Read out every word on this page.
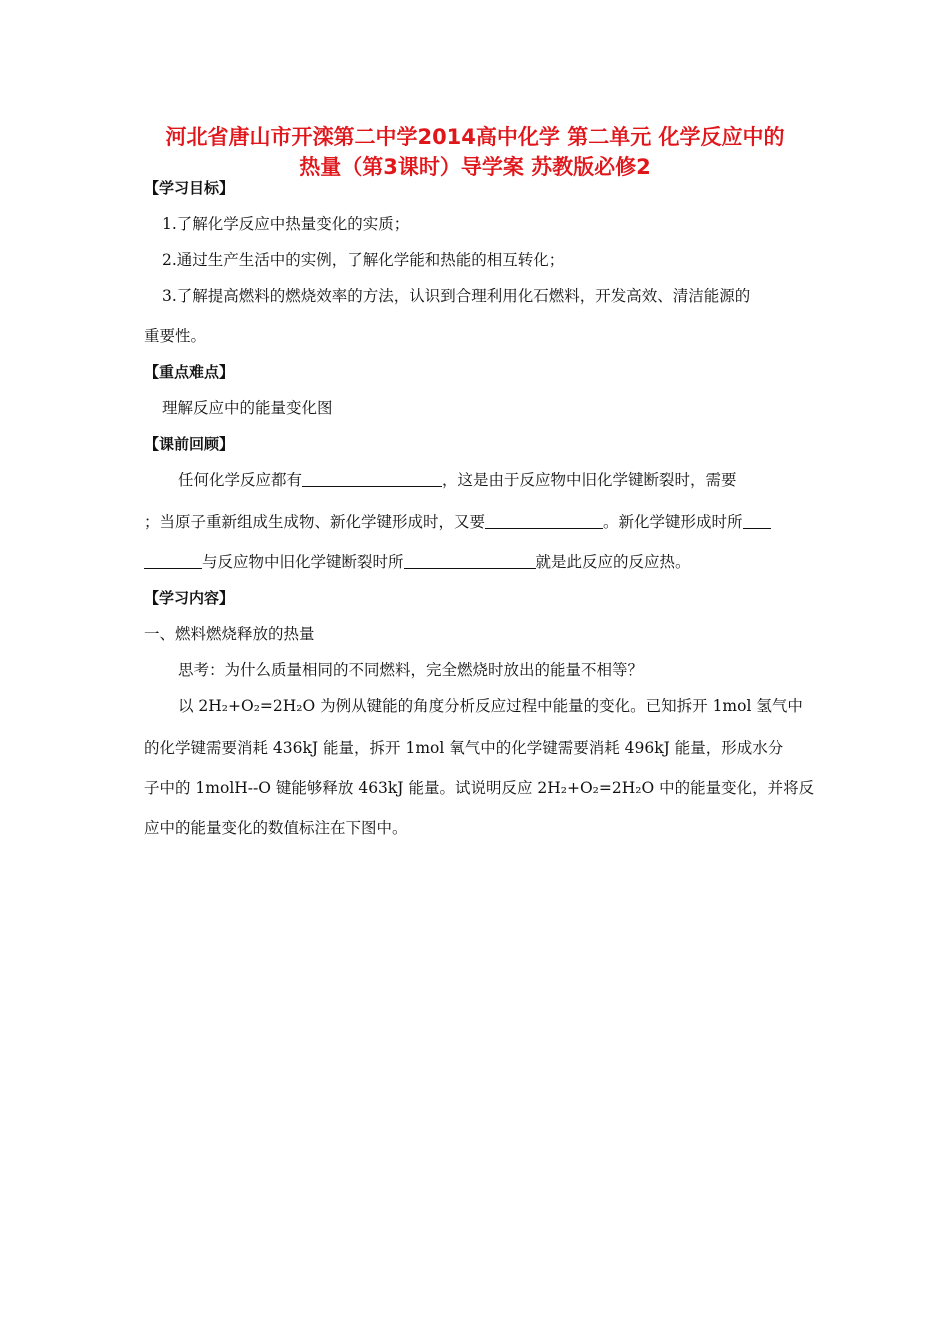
河北省唐山市开滦第二中学2014高中化学 第二单元 化学反应中的
热量（第3课时）导学案 苏教版必修2
【学习目标】
1.了解化学反应中热量变化的实质；
2.通过生产生活中的实例，了解化学能和热能的相互转化；
3.了解提高燃料的燃烧效率的方法，认识到合理利用化石燃料，开发高效、清洁能源的
重要性。
【重点难点】
理解反应中的能量变化图
【课前回顾】
任何化学反应都有	，这是由于反应物中旧化学键断裂时，需要
；当原子重新组成生成物、新化学键形成时，又要	。新化学键形成时所
与反应物中旧化学键断裂时所	就是此反应的反应热。
【学习内容】
一、燃料燃烧释放的热量
思考：为什么质量相同的不同燃料，完全燃烧时放出的能量不相等？
以 2H₂+O₂=2H₂O 为例从键能的角度分析反应过程中能量的变化。已知拆开 1mol 氢气中
的化学键需要消耗 436kJ 能量，拆开 1mol 氧气中的化学键需要消耗 496kJ 能量，形成水分
子中的 1molH--O 键能够释放 463kJ 能量。试说明反应 2H₂+O₂=2H₂O 中的能量变化，并将反
应中的能量变化的数值标注在下图中。
